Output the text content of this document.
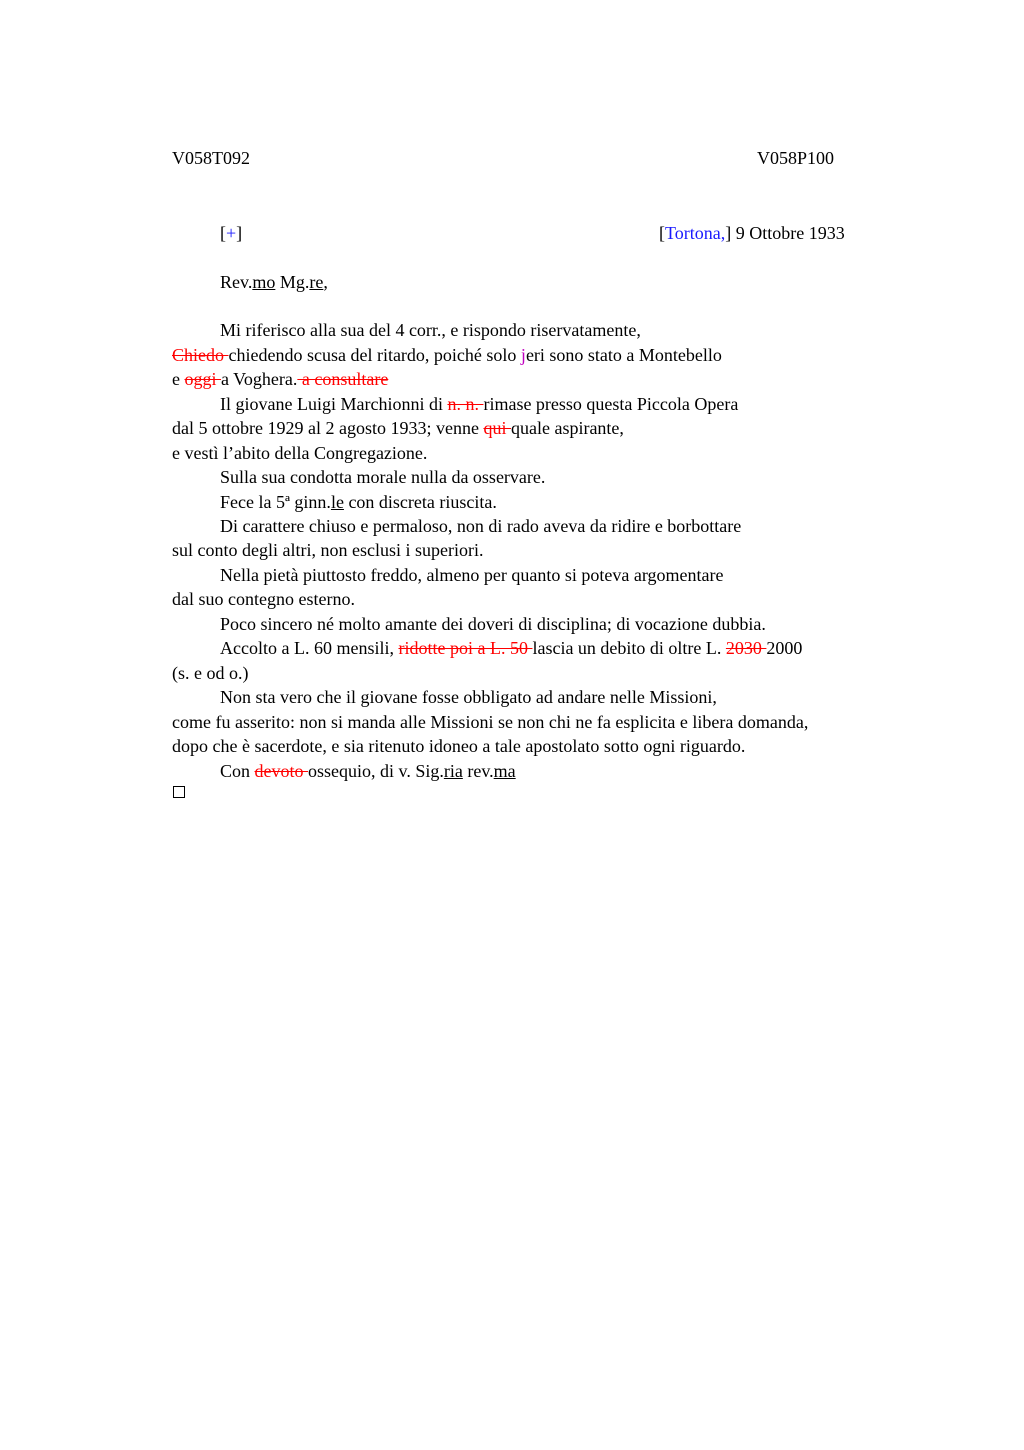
V058T092	V058P100
[+]	[Tortona,] 9 Ottobre 1933
Rev.mo Mg.re,
Mi riferisco alla sua del 4 corr., e rispondo riservatamente,
Chiedo chiedendo scusa del ritardo, poiché solo jeri sono stato a Montebello
e oggi a Voghera. a consultare
Il giovane Luigi Marchionni di n. n. rimase presso questa Piccola Opera
dal 5 ottobre 1929 al 2 agosto 1933; venne qui quale aspirante,
e vestì l’abito della Congregazione.
Sulla sua condotta morale nulla da osservare.
Fece la 5ª ginn.le con discreta riuscita.
Di carattere chiuso e permaloso, non di rado aveva da ridire e borbottare
sul conto degli altri, non esclusi i superiori.
Nella pietà piuttosto freddo, almeno per quanto si poteva argomentare
dal suo contegno esterno.
Poco sincero né molto amante dei doveri di disciplina; di vocazione dubbia.
Accolto a L. 60 mensili, ridotte poi a L. 50 lascia un debito di oltre L. 2030 2000
(s. e od o.)
Non sta vero che il giovane fosse obbligato ad andare nelle Missioni,
come fu asserito: non si manda alle Missioni se non chi ne fa esplicita e libera domanda,
dopo che è sacerdote, e sia ritenuto idoneo a tale apostolato sotto ogni riguardo.
Con devoto ossequio, di v. Sig.ria rev.ma
